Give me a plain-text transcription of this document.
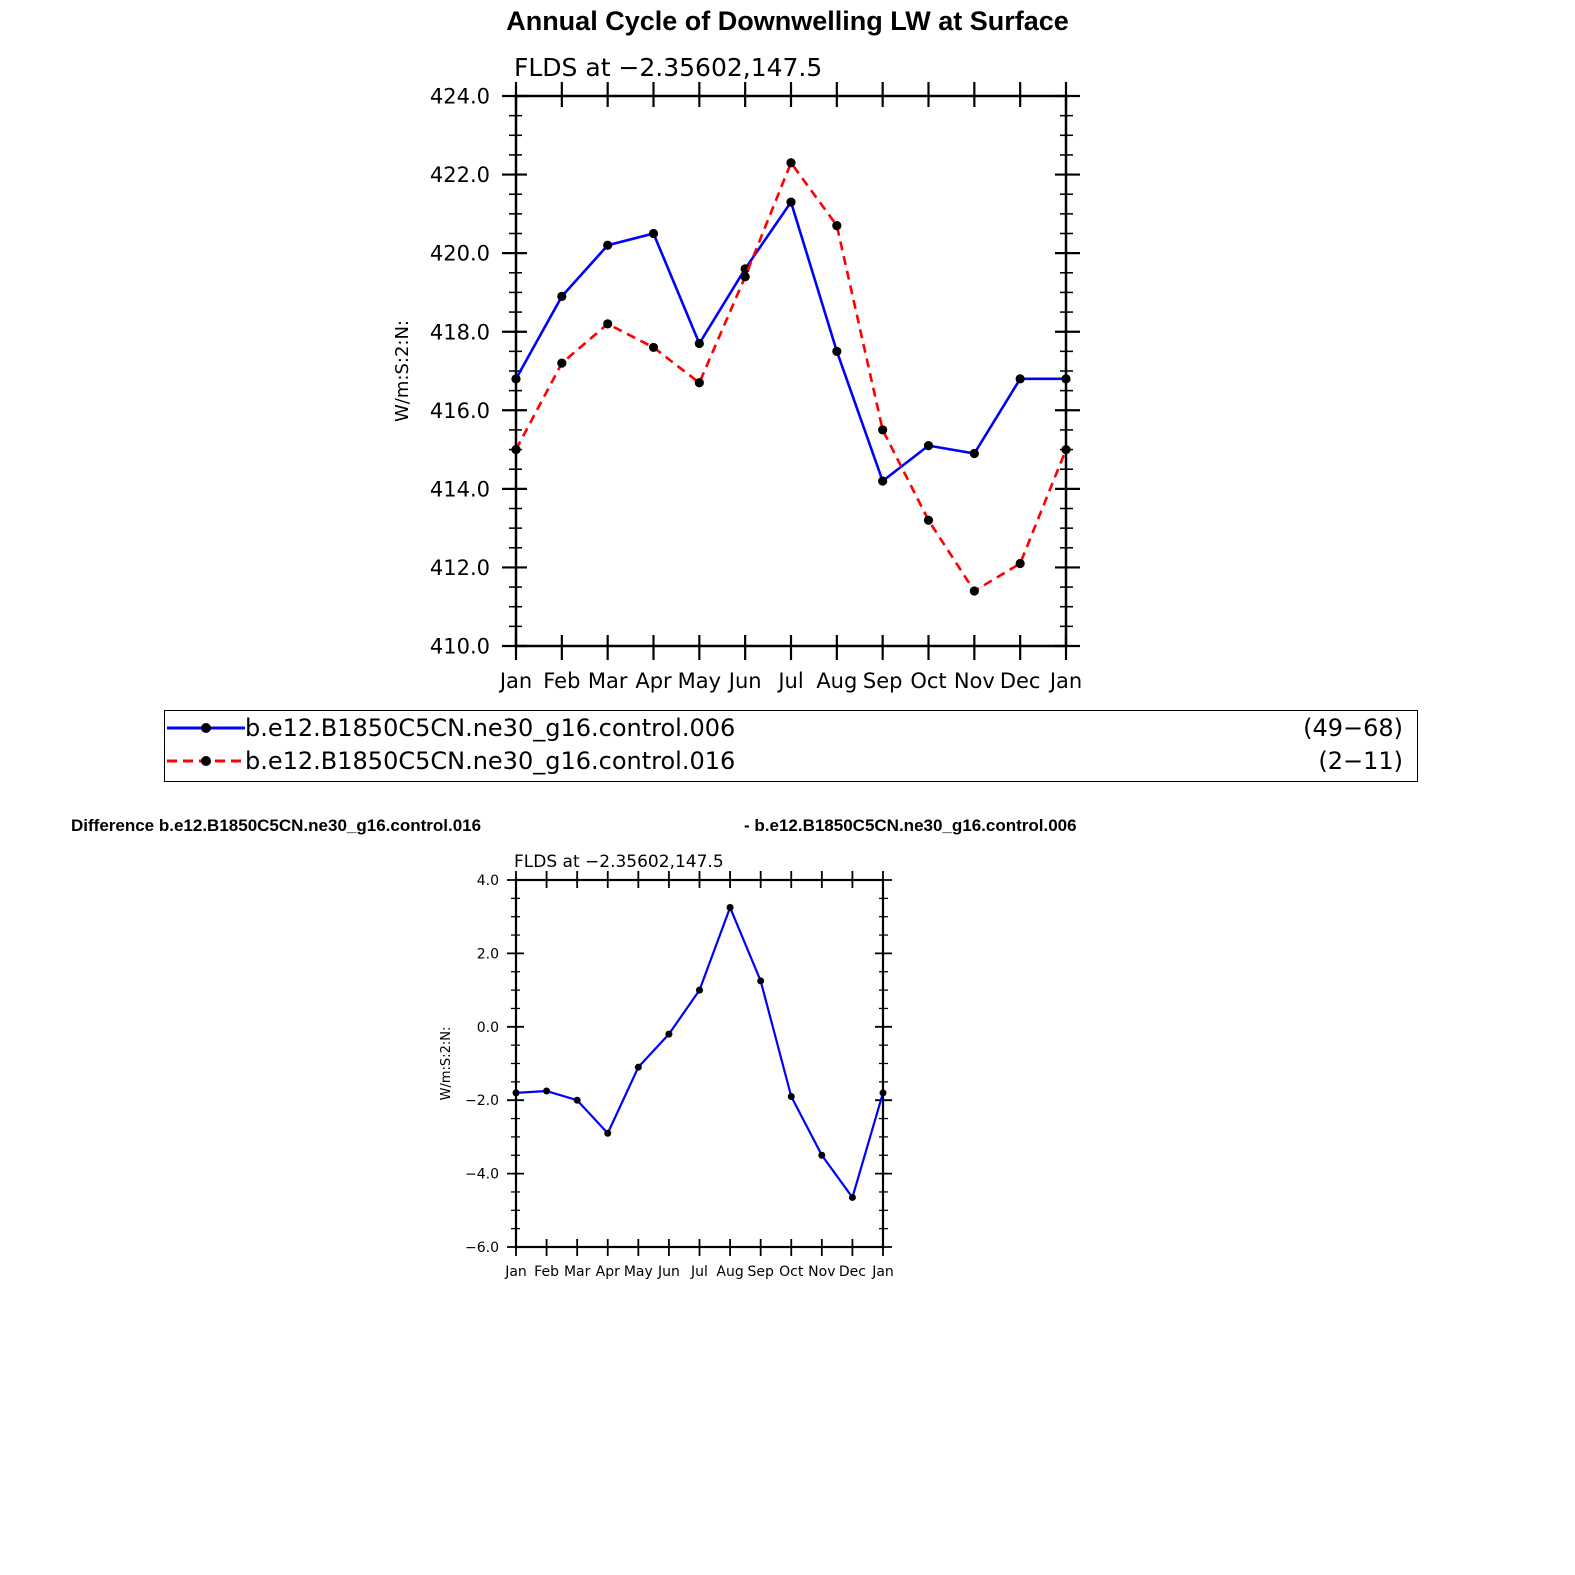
Annual Cycle of Downwelling LW at Surface
Jan Feb Mar Apr May Jun Jul Aug Sep Oct Nov Dec Jan
410.0
412.0
414.0
416.0
418.0
420.0
422.0
424.0
FLDS at −2.35602,147.5
W/m:S:2:N:
b.e12.B1850C5CN.ne30_g16.control.006	(49−68)
b.e12.B1850C5CN.ne30_g16.control.016	(2−11)
Difference b.e12.B1850C5CN.ne30_g16.control.016	- b.e12.B1850C5CN.ne30_g16.control.006
Jan Feb Mar Apr May Jun Jul Aug Sep Oct Nov Dec Jan
−6.0
−4.0
−2.0
0.0
2.0
4.0
FLDS at −2.35602,147.5
W/m:S:2:N:
